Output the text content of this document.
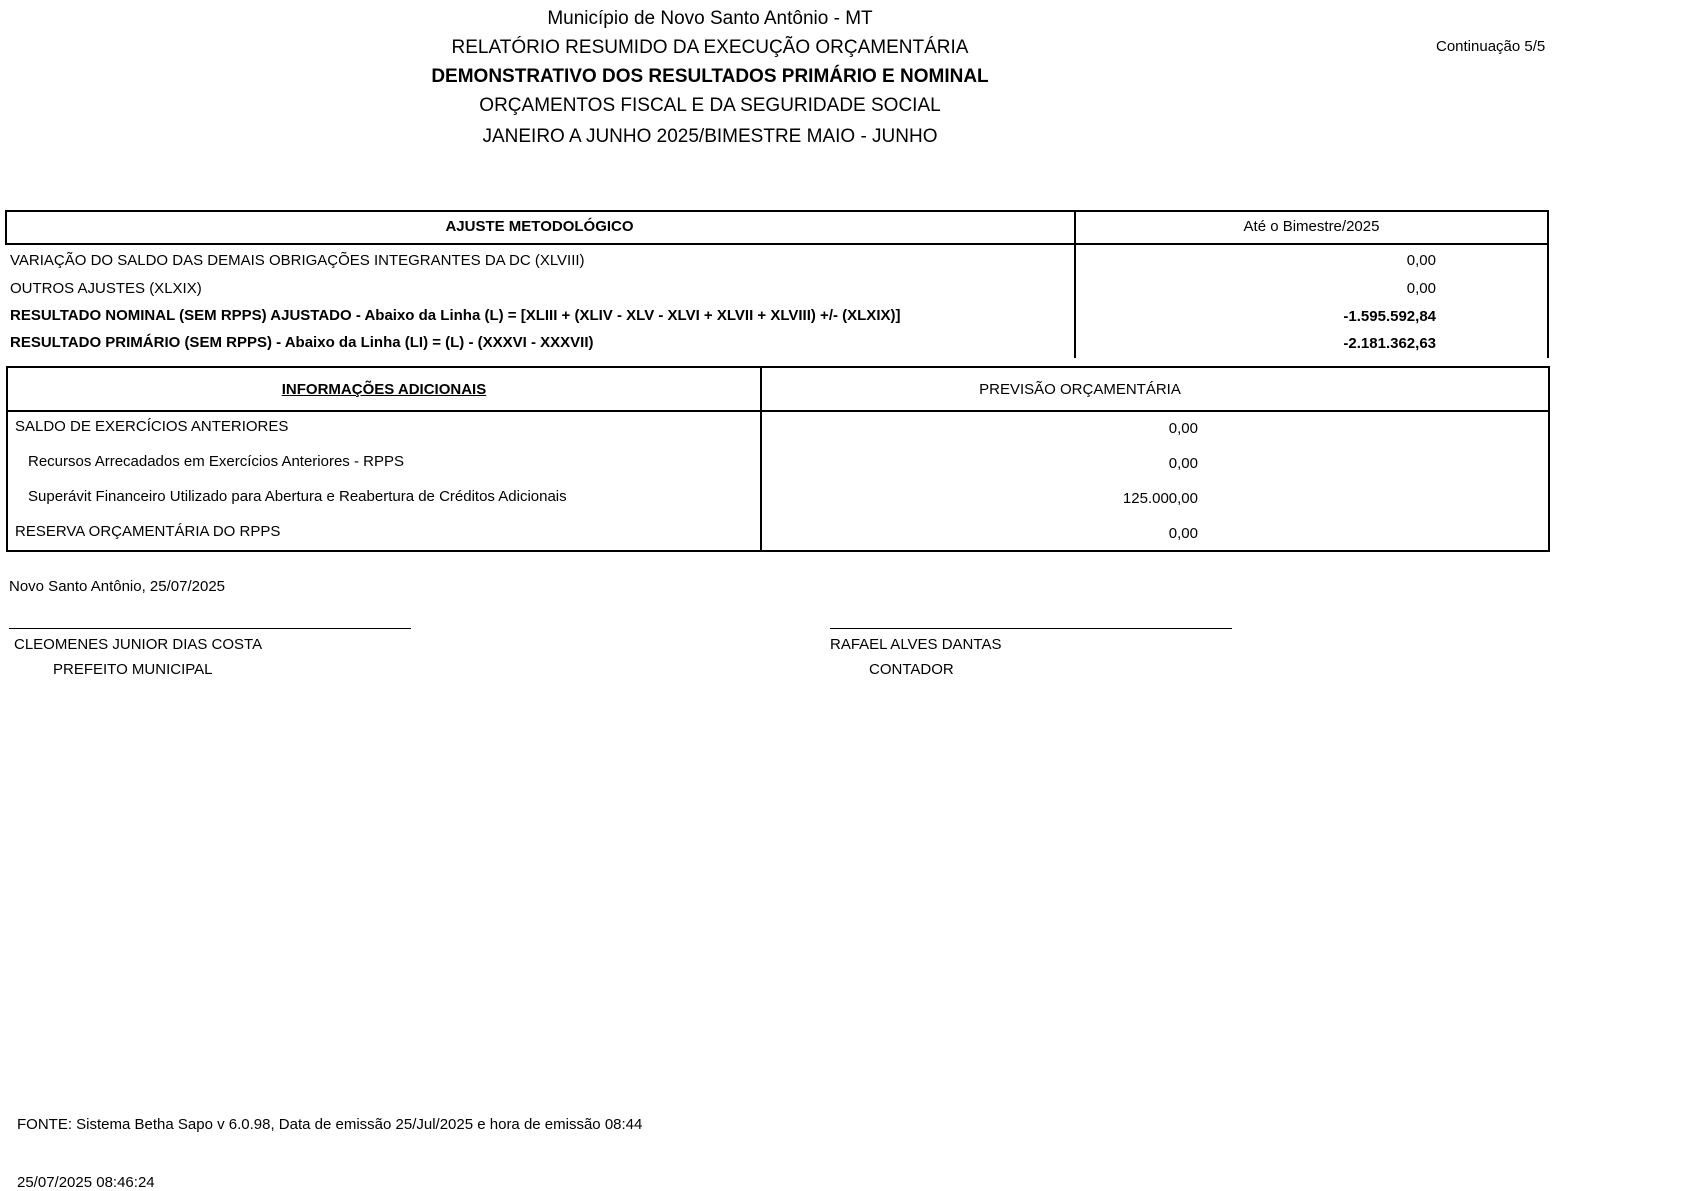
Município de Novo Santo Antônio - MT
RELATÓRIO RESUMIDO DA EXECUÇÃO ORÇAMENTÁRIA
DEMONSTRATIVO DOS RESULTADOS PRIMÁRIO E NOMINAL
ORÇAMENTOS FISCAL E DA SEGURIDADE SOCIAL
JANEIRO A JUNHO 2025/BIMESTRE MAIO - JUNHO
Continuação 5/5
AJUSTE METODOLÓGICO	Até o Bimestre/2025
VARIAÇÃO DO SALDO DAS DEMAIS OBRIGAÇÕES INTEGRANTES DA DC (XLVIII)	0,00
OUTROS AJUSTES (XLXIX)	0,00
RESULTADO NOMINAL (SEM RPPS) AJUSTADO - Abaixo da Linha (L) = [XLIII + (XLIV - XLV - XLVI + XLVII + XLVIII) +/- (XLXIX)]	-1.595.592,84
RESULTADO PRIMÁRIO (SEM RPPS) - Abaixo da Linha (LI) = (L) - (XXXVI - XXXVII)	-2.181.362,63
INFORMAÇÕES ADICIONAIS	PREVISÃO ORÇAMENTÁRIA
SALDO DE EXERCÍCIOS ANTERIORES	0,00
Recursos Arrecadados em Exercícios Anteriores - RPPS	0,00
Superávit Financeiro Utilizado para Abertura e Reabertura de Créditos Adicionais	125.000,00
RESERVA ORÇAMENTÁRIA DO RPPS	0,00
Novo Santo Antônio, 25/07/2025
CLEOMENES JUNIOR DIAS COSTA
PREFEITO MUNICIPAL
RAFAEL ALVES DANTAS
CONTADOR
FONTE: Sistema Betha Sapo v 6.0.98, Data de emissão 25/Jul/2025 e hora de emissão 08:44
25/07/2025 08:46:24
